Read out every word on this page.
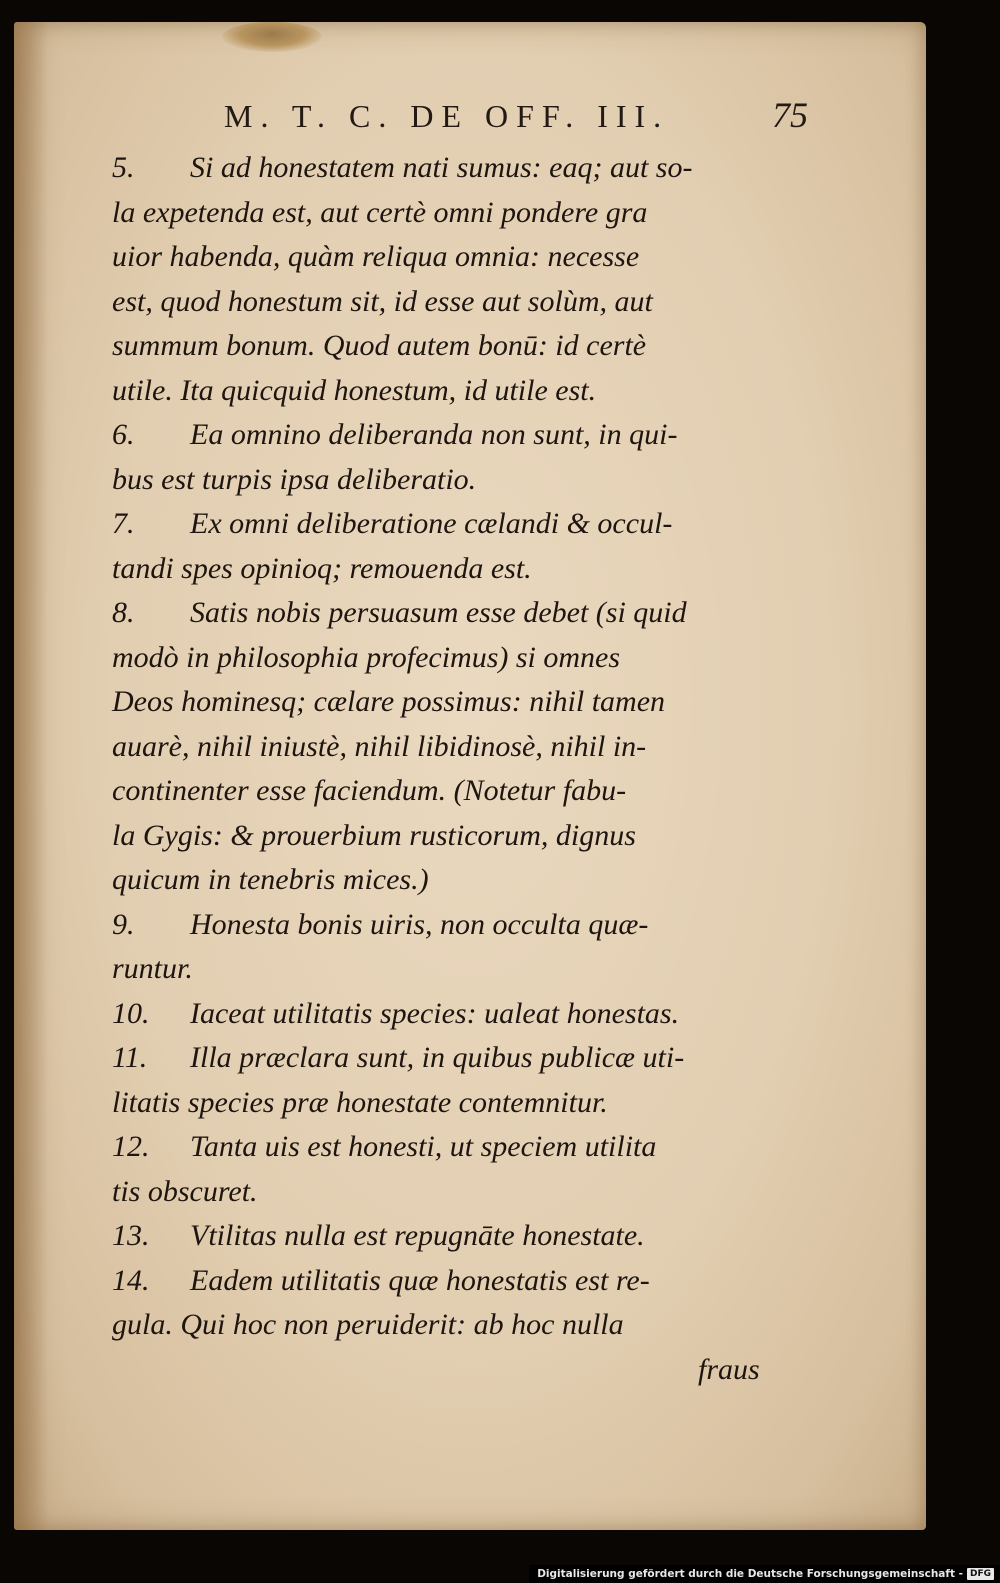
M. T. C. DE OFF. III.	75
5.	Si ad honestatem nati sumus: eaq; aut so-
la expetenda est, aut certè omni pondere gra
uior habenda, quàm reliqua omnia: necesse
est, quod honestum sit, id esse aut solùm, aut
summum bonum. Quod autem bonū: id certè
utile. Ita quicquid honestum, id utile est.
6.	Ea omnino deliberanda non sunt, in qui-
bus est turpis ipsa deliberatio.
7.	Ex omni deliberatione cælandi & occul-
tandi spes opinioq; remouenda est.
8.	Satis nobis persuasum esse debet (si quid
modò in philosophia profecimus) si omnes
Deos hominesq; cælare possimus: nihil tamen
auarè, nihil iniustè, nihil libidinosè, nihil in-
continenter esse faciendum. (Notetur fabu-
la Gygis: & prouerbium rusticorum, dignus
quicum in tenebris mices.)
9.	Honesta bonis uiris, non occulta quæ-
runtur.
10.	Iaceat utilitatis species: ualeat honestas.
11.	Illa præclara sunt, in quibus publicæ uti-
litatis species præ honestate contemnitur.
12.	Tanta uis est honesti, ut speciem utilita
tis obscuret.
13.	Vtilitas nulla est repugnāte honestate.
14.	Eadem utilitatis quæ honestatis est re-
gula. Qui hoc non peruiderit: ab hoc nulla
fraus
Digitalisierung gefördert durch die Deutsche Forschungsgemeinschaft - DFG
